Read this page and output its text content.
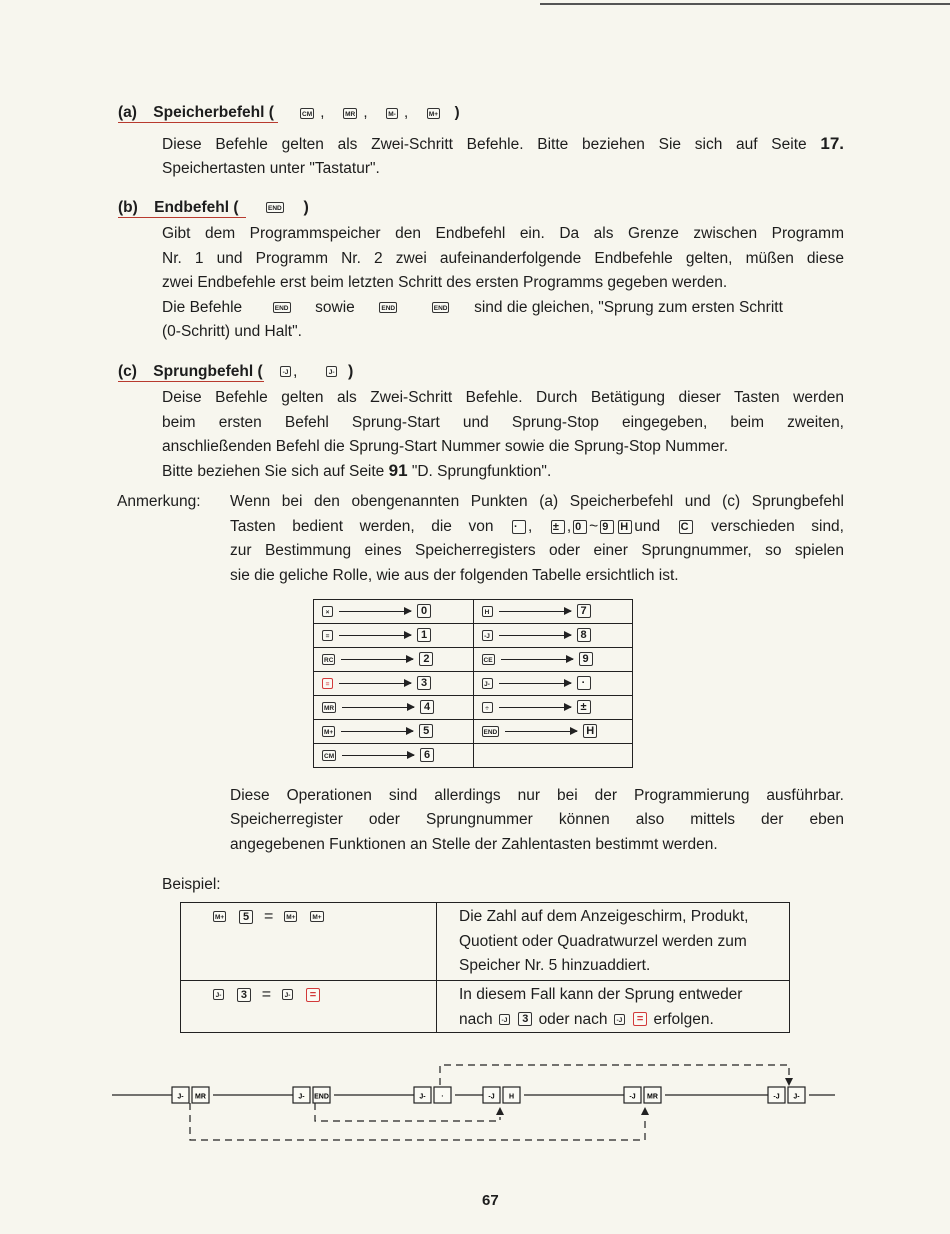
(a) Speicherbefehl (	CM ,    MR ,    M- ,    M+ )
Diese Befehle gelten als Zwei-Schritt Befehle. Bitte beziehen Sie sich auf Seite 17.
Speichertasten unter "Tastatur".
(b) Endbefehl (	END )
Gibt dem Programmspeicher den Endbefehl ein. Da als Grenze zwischen Programm
Nr. 1 und Programm Nr. 2 zwei aufeinanderfolgende Endbefehle gelten, müßen diese
zwei Endbefehle erst beim letzten Schritt des ersten Programms gegeben werden.
Die Befehle	END sowie	END	END sind die gleichen, "Sprung zum ersten Schritt
(0-Schritt) und Halt".
(c) Sprungbefehl (	-J ,      J- )
Deise Befehle gelten als Zwei-Schritt Befehle. Durch Betätigung dieser Tasten werden
beim ersten Befehl Sprung-Start und Sprung-Stop eingegeben, beim zweiten,
anschließenden Befehl die Sprung-Start Nummer sowie die Sprung-Stop Nummer.
Bitte beziehen Sie sich auf Seite 91 "D. Sprungfunktion".
Anmerkung: Wenn bei den obengenannten Punkten (a) Speicherbefehl und (c) Sprungbefehl
Tasten bedient werden, die von · , ± , 0 ~ 9 H und C verschieden sind,
zur Bestimmung eines Speicherregisters oder einer Sprungnummer, so spielen
sie die geliche Rolle, wie aus der folgenden Tabelle ersichtlich ist.
× 0	H 7
= 1	-J 8
RC 2	CE 9
= 3	J- ·
MR 4	÷ ±
M+ 5	END H
CM 6	
Diese Operationen sind allerdings nur bei der Programmierung ausführbar.
Speicherregister oder Sprungnummer können also mittels der eben
angegebenen Funktionen an Stelle der Zahlentasten bestimmt werden.
Beispiel:
M+ 5 = M+ M+	Die Zahl auf dem Anzeigeschirm, Produkt,
Quotient oder Quadratwurzel werden zum
Speicher Nr. 5 hinzuaddiert.

J- 3 = J- =	In diesem Fall kann der Sprung entweder
nach -J 3 oder nach -J = erfolgen.
J- MR	J- END	J- ·	-J H	-J MR	-J J-
67
